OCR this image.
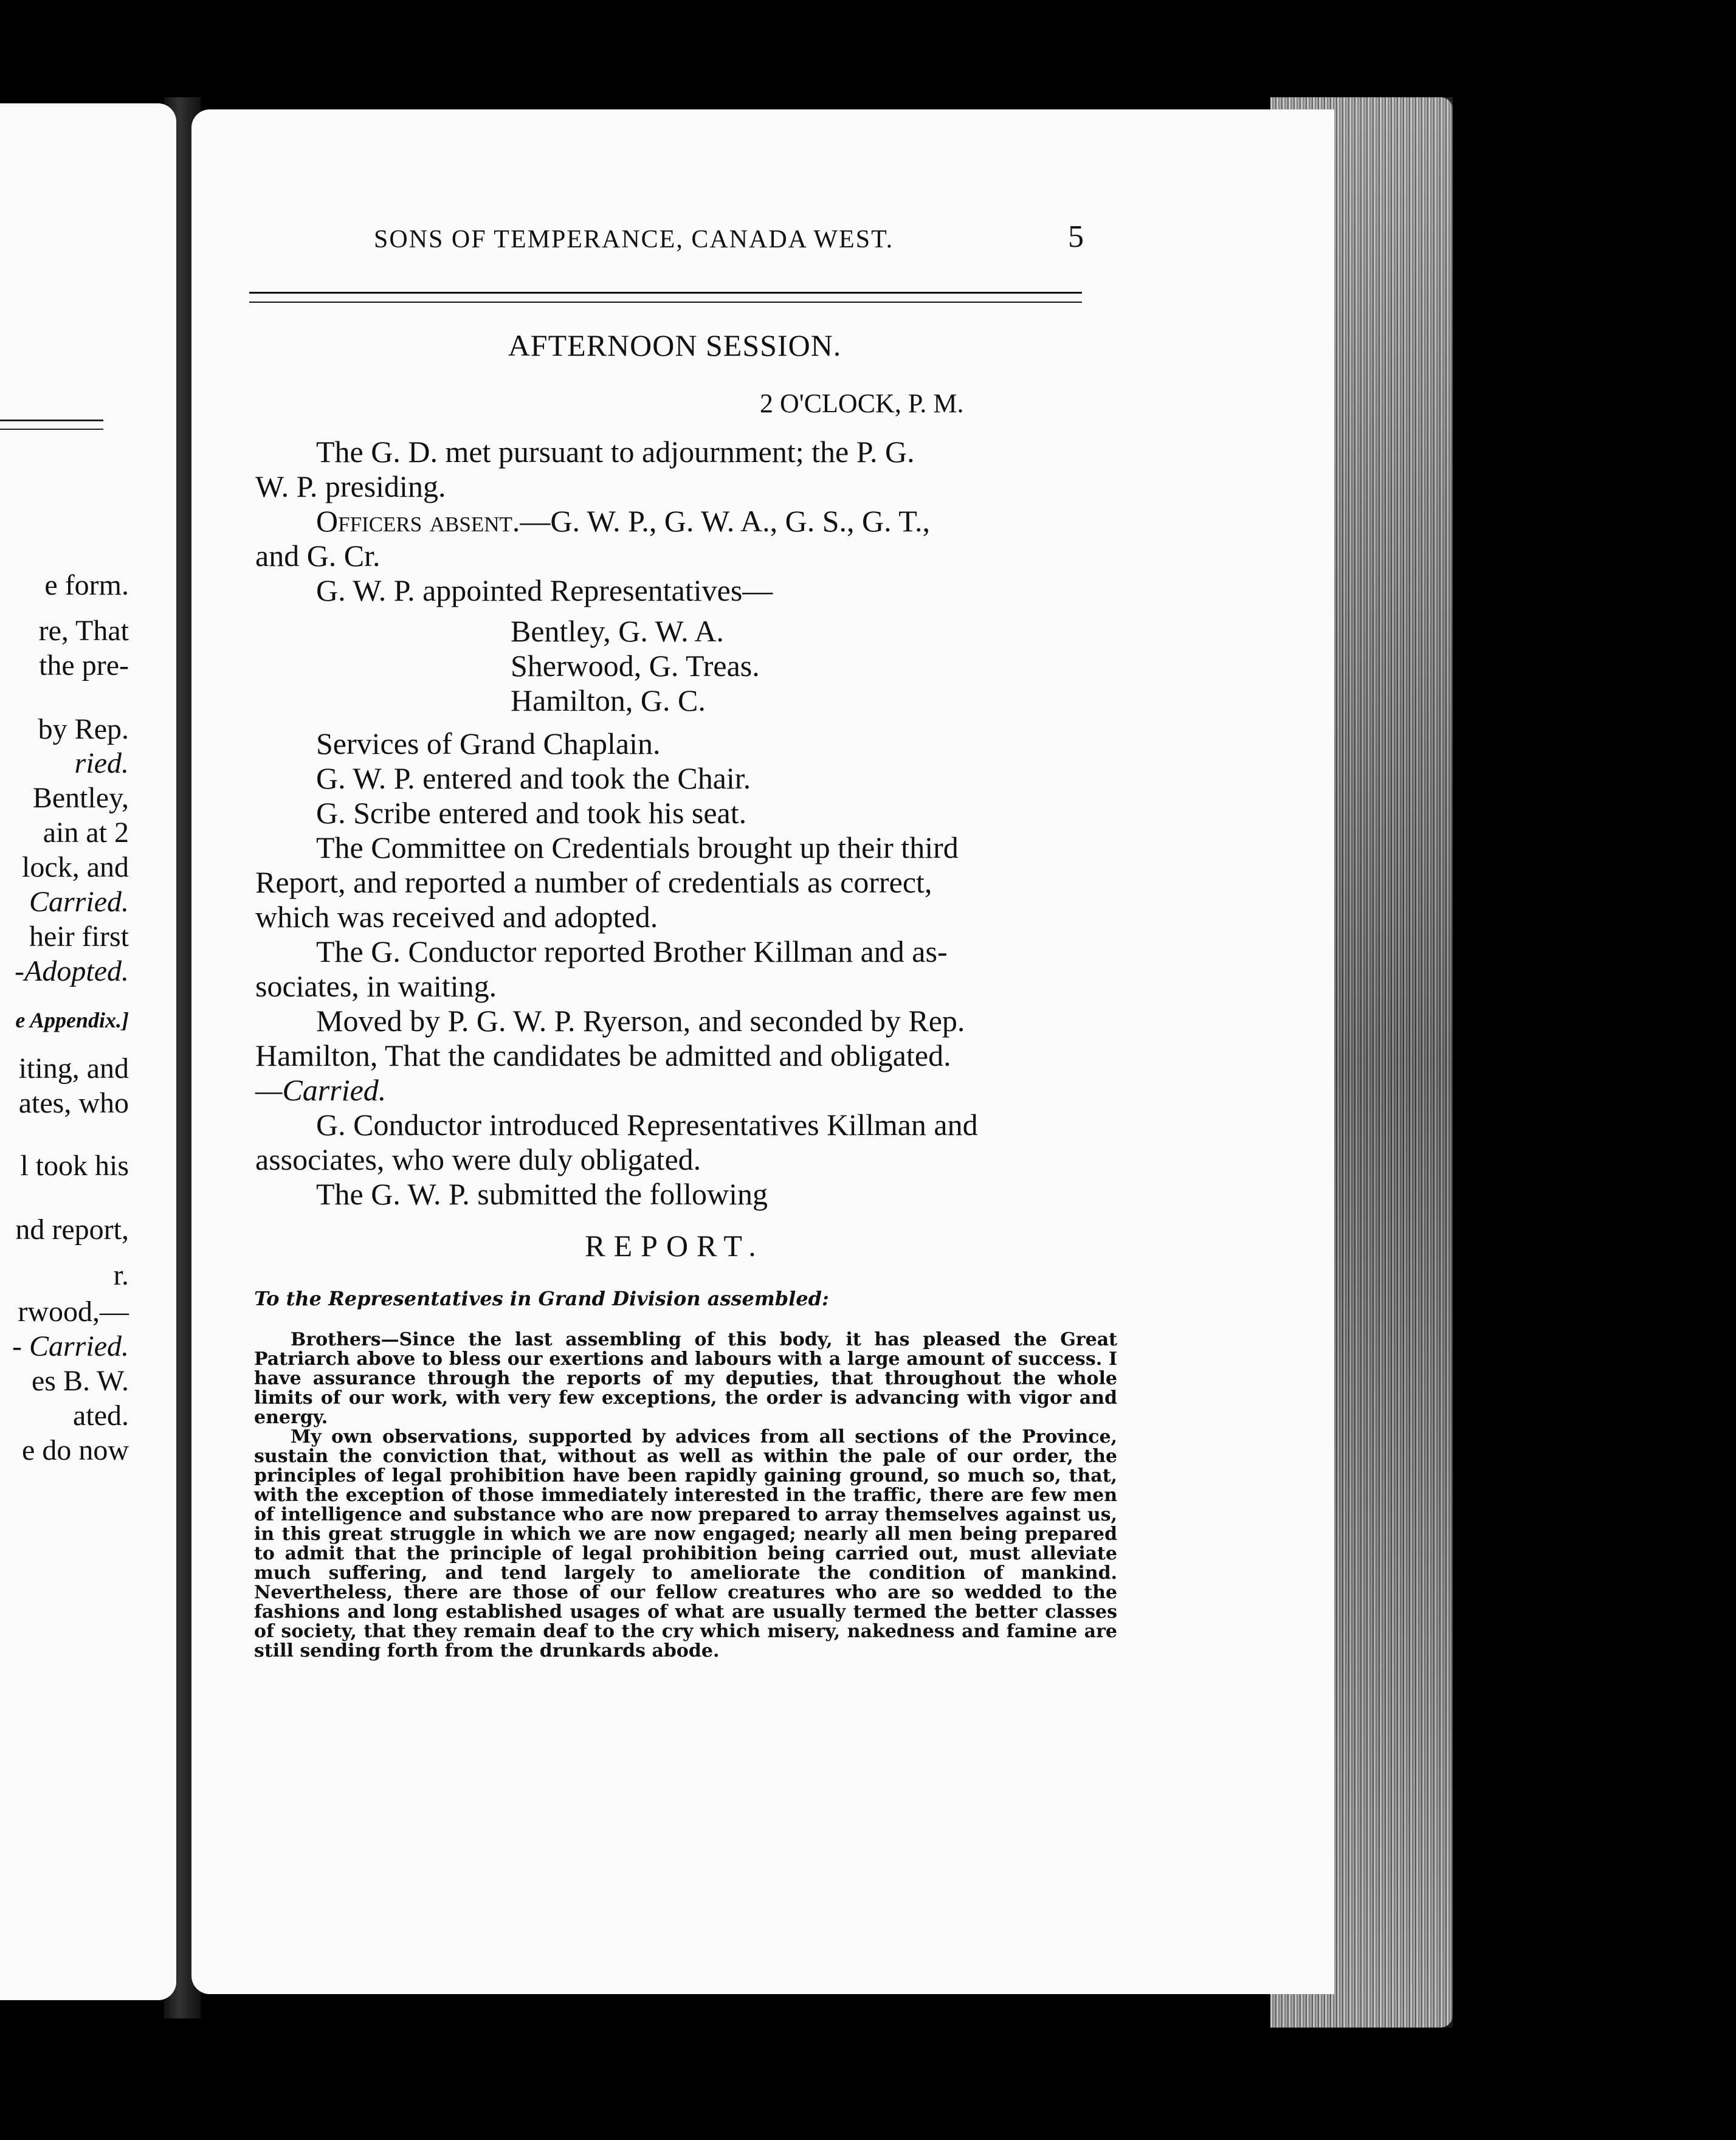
e form.
re, That
the pre-
by Rep.
ried.
Bentley,
ain at 2
lock, and
Carried.
heir first
-Adopted.
e Appendix.]
iting, and
ates, who
l took his
nd report,
r.
rwood,—
- Carried.
es B. W.
ated.
e do now
SONS OF TEMPERANCE, CANADA WEST.	5
AFTERNOON SESSION.
2 O'CLOCK, P. M.
The G. D. met pursuant to adjournment; the P. G.
W. P. presiding.
Officers absent.—G. W. P., G. W. A., G. S., G. T.,
and G. Cr.
G. W. P. appointed Representatives—
Bentley, G. W. A.
Sherwood, G. Treas.
Hamilton, G. C.
Services of Grand Chaplain.
G. W. P. entered and took the Chair.
G. Scribe entered and took his seat.
The Committee on Credentials brought up their third
Report, and reported a number of credentials as correct,
which was received and adopted.
The G. Conductor reported Brother Killman and as-
sociates, in waiting.
Moved by P. G. W. P. Ryerson, and seconded by Rep.
Hamilton, That the candidates be admitted and obligated.
—Carried.
G. Conductor introduced Representatives Killman and
associates, who were duly obligated.
The G. W. P. submitted the following
REPORT.
To the Representatives in Grand Division assembled:

Brothers—Since the last assembling of this body, it has pleased the Great Patriarch above to bless our exertions and labours with a large amount of success. I have assurance through the reports of my deputies, that throughout the whole limits of our work, with very few exceptions, the order is advancing with vigor and energy.

My own observations, supported by advices from all sections of the Province, sustain the conviction that, without as well as within the pale of our order, the principles of legal prohibition have been rapidly gaining ground, so much so, that, with the exception of those immediately interested in the traffic, there are few men of intelligence and substance who are now prepared to array themselves against us, in this great struggle in which we are now engaged; nearly all men being prepared to admit that the principle of legal prohibition being carried out, must alleviate much suffering, and tend largely to ameliorate the condition of mankind. Nevertheless, there are those of our fellow creatures who are so wedded to the fashions and long established usages of what are usually termed the better classes of society, that they remain deaf to the cry which misery, nakedness and famine are still sending forth from the drunkards abode.
